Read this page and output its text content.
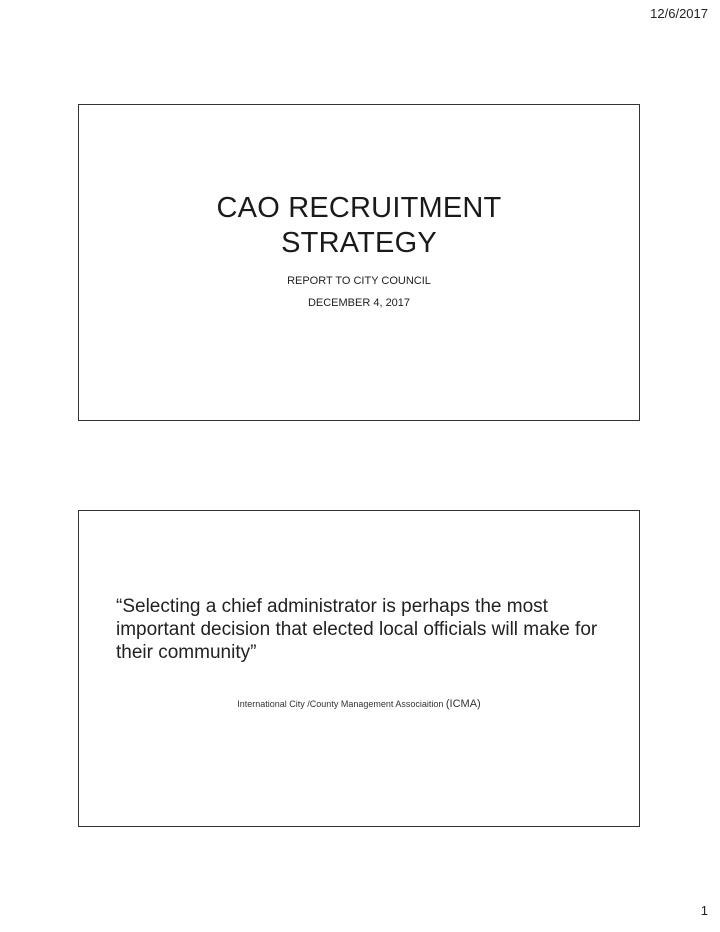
12/6/2017
CAO RECRUITMENT
STRATEGY
REPORT TO CITY COUNCIL
DECEMBER 4, 2017
“Selecting a chief administrator is perhaps the most important decision that elected local officials will make for their community”
International City /County Management Associaition (ICMA)
1
